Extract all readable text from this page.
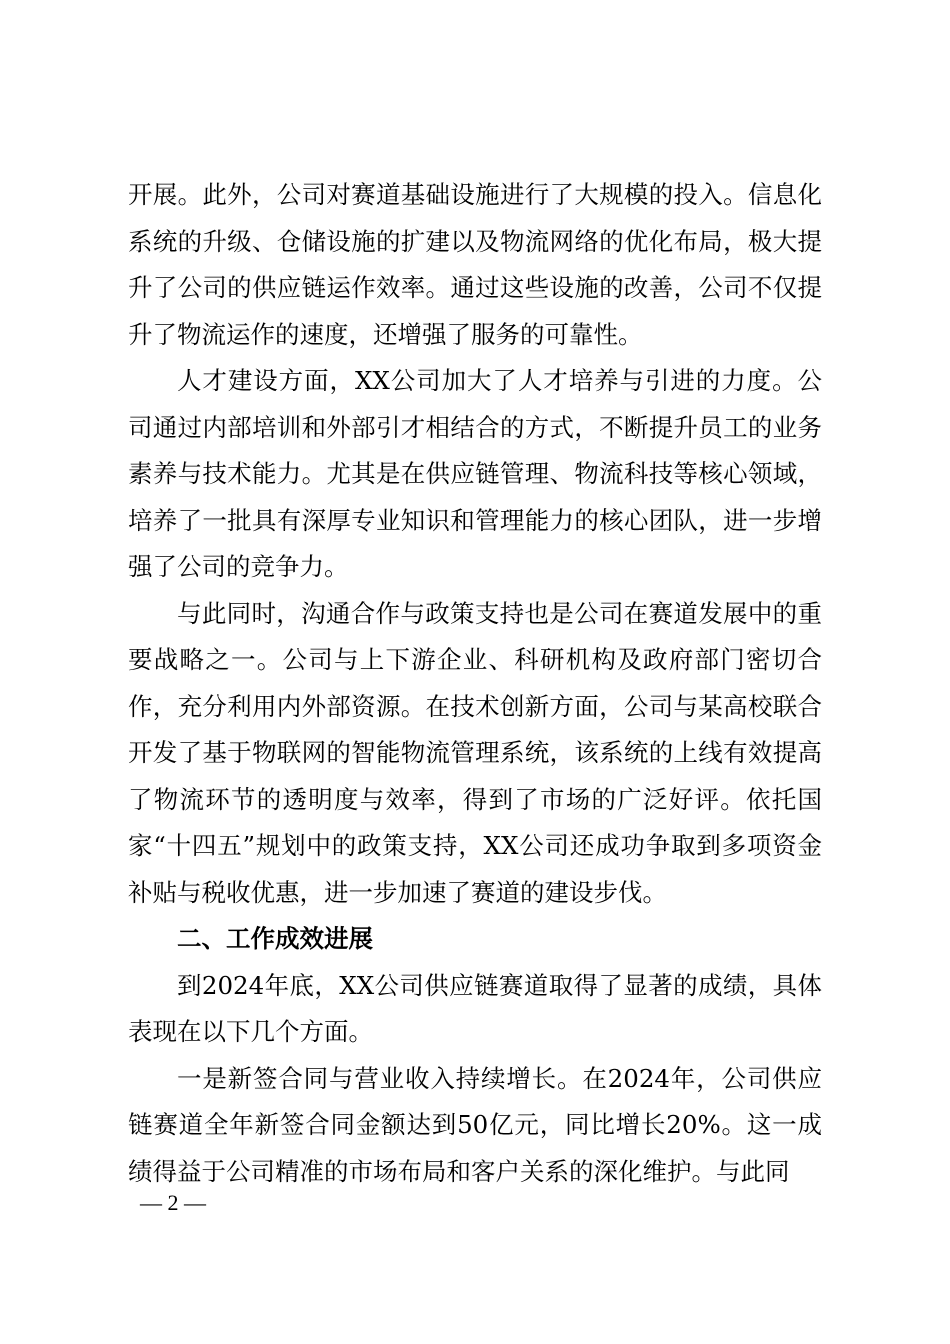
开展。此外，公司对赛道基础设施进行了大规模的投入。信息化系统的升级、仓储设施的扩建以及物流网络的优化布局，极大提升了公司的供应链运作效率。通过这些设施的改善，公司不仅提升了物流运作的速度，还增强了服务的可靠性。

人才建设方面，XX公司加大了人才培养与引进的力度。公司通过内部培训和外部引才相结合的方式，不断提升员工的业务素养与技术能力。尤其是在供应链管理、物流科技等核心领域，培养了一批具有深厚专业知识和管理能力的核心团队，进一步增强了公司的竞争力。

与此同时，沟通合作与政策支持也是公司在赛道发展中的重要战略之一。公司与上下游企业、科研机构及政府部门密切合作，充分利用内外部资源。在技术创新方面，公司与某高校联合开发了基于物联网的智能物流管理系统，该系统的上线有效提高了物流环节的透明度与效率，得到了市场的广泛好评。依托国家“十四五”规划中的政策支持，XX公司还成功争取到多项资金补贴与税收优惠，进一步加速了赛道的建设步伐。

二、工作成效进展

到2024年底，XX公司供应链赛道取得了显著的成绩，具体表现在以下几个方面。

一是新签合同与营业收入持续增长。在2024年，公司供应链赛道全年新签合同金额达到50亿元，同比增长20%。这一成绩得益于公司精准的市场布局和客户关系的深化维护。与此同

— 2 —
